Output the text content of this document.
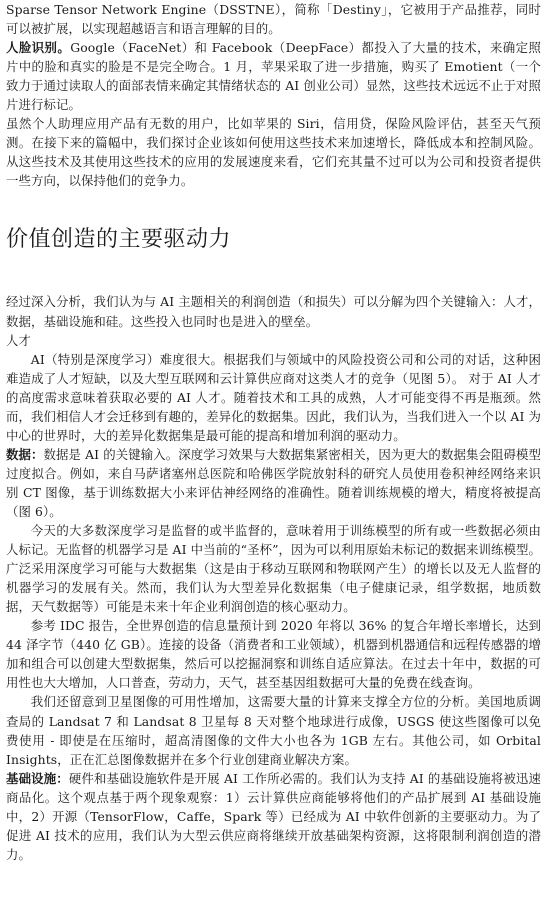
Sparse Tensor Network Engine（DSSTNE），简称「Destiny」，它被用于产品推荐，同时可以被扩展，以实现超越语言和语言理解的目的。

人脸识别。Google（FaceNet）和 Facebook（DeepFace）都投入了大量的技术，来确定照片中的脸和真实的脸是不是完全吻合。1 月，苹果采取了进一步措施，购买了 Emotient（一个致力于通过读取人的面部表情来确定其情绪状态的 AI 创业公司）显然，这些技术远远不止于对照片进行标记。

虽然个人助理应用产品有无数的用户，比如苹果的 Siri，信用贷，保险风险评估，甚至天气预测。在接下来的篇幅中，我们探讨企业该如何使用这些技术来加速增长，降低成本和控制风险。从这些技术及其使用这些技术的应用的发展速度来看，它们充其量不过可以为公司和投资者提供一些方向，以保持他们的竞争力。

价值创造的主要驱动力

经过深入分析，我们认为与 AI 主题相关的利润创造（和损失）可以分解为四个关键输入：人才，数据，基础设施和硅。这些投入也同时也是进入的壁垒。

人才

AI（特别是深度学习）难度很大。根据我们与领域中的风险投资公司和公司的对话，这种困难造成了人才短缺，以及大型互联网和云计算供应商对这类人才的竞争（见图 5）。 对于 AI 人才的高度需求意味着获取必要的 AI 人才。随着技术和工具的成熟，人才可能变得不再是瓶颈。然而，我们相信人才会迁移到有趣的，差异化的数据集。因此，我们认为，当我们进入一个以 AI 为中心的世界时，大的差异化数据集是最可能的提高和增加利润的驱动力。

数据：数据是 AI 的关键输入。深度学习效果与大数据集紧密相关，因为更大的数据集会阻碍模型过度拟合。例如，来自马萨诸塞州总医院和哈佛医学院放射科的研究人员使用卷积神经网络来识别 CT 图像，基于训练数据大小来评估神经网络的准确性。随着训练规模的增大，精度将被提高（图 6）。

今天的大多数深度学习是监督的或半监督的，意味着用于训练模型的所有或一些数据必须由人标记。无监督的机器学习是 AI 中当前的“圣杯”，因为可以利用原始未标记的数据来训练模型。广泛采用深度学习可能与大数据集（这是由于移动互联网和物联网产生）的增长以及无人监督的机器学习的发展有关。然而，我们认为大型差异化数据集（电子健康记录，组学数据，地质数据，天气数据等）可能是未来十年企业利润创造的核心驱动力。

参考 IDC 报告，全世界创造的信息量预计到 2020 年将以 36% 的复合年增长率增长，达到 44 泽字节（440 亿 GB）。连接的设备（消费者和工业领域），机器到机器通信和远程传感器的增加和组合可以创建大型数据集，然后可以挖掘洞察和训练自适应算法。在过去十年中，数据的可用性也大大增加，人口普查，劳动力，天气，甚至基因组数据可大量的免费在线查询。

我们还留意到卫星图像的可用性增加，这需要大量的计算来支撑全方位的分析。美国地质调查局的 Landsat 7 和 Landsat 8 卫星每 8 天对整个地球进行成像，USGS 使这些图像可以免费使用 - 即使是在压缩时，超高清图像的文件大小也各为 1GB 左右。其他公司，如 Orbital Insights，正在汇总图像数据并在多个行业创建商业解决方案。

基础设施：硬件和基础设施软件是开展 AI 工作所必需的。我们认为支持 AI 的基础设施将被迅速商品化。这个观点基于两个现象观察：1）云计算供应商能够将他们的产品扩展到 AI 基础设施中，2）开源（TensorFlow，Caffe，Spark 等）已经成为 AI 中软件创新的主要驱动力。为了促进 AI 技术的应用，我们认为大型云供应商将继续开放基础架构资源，这将限制利润创造的潜力。
